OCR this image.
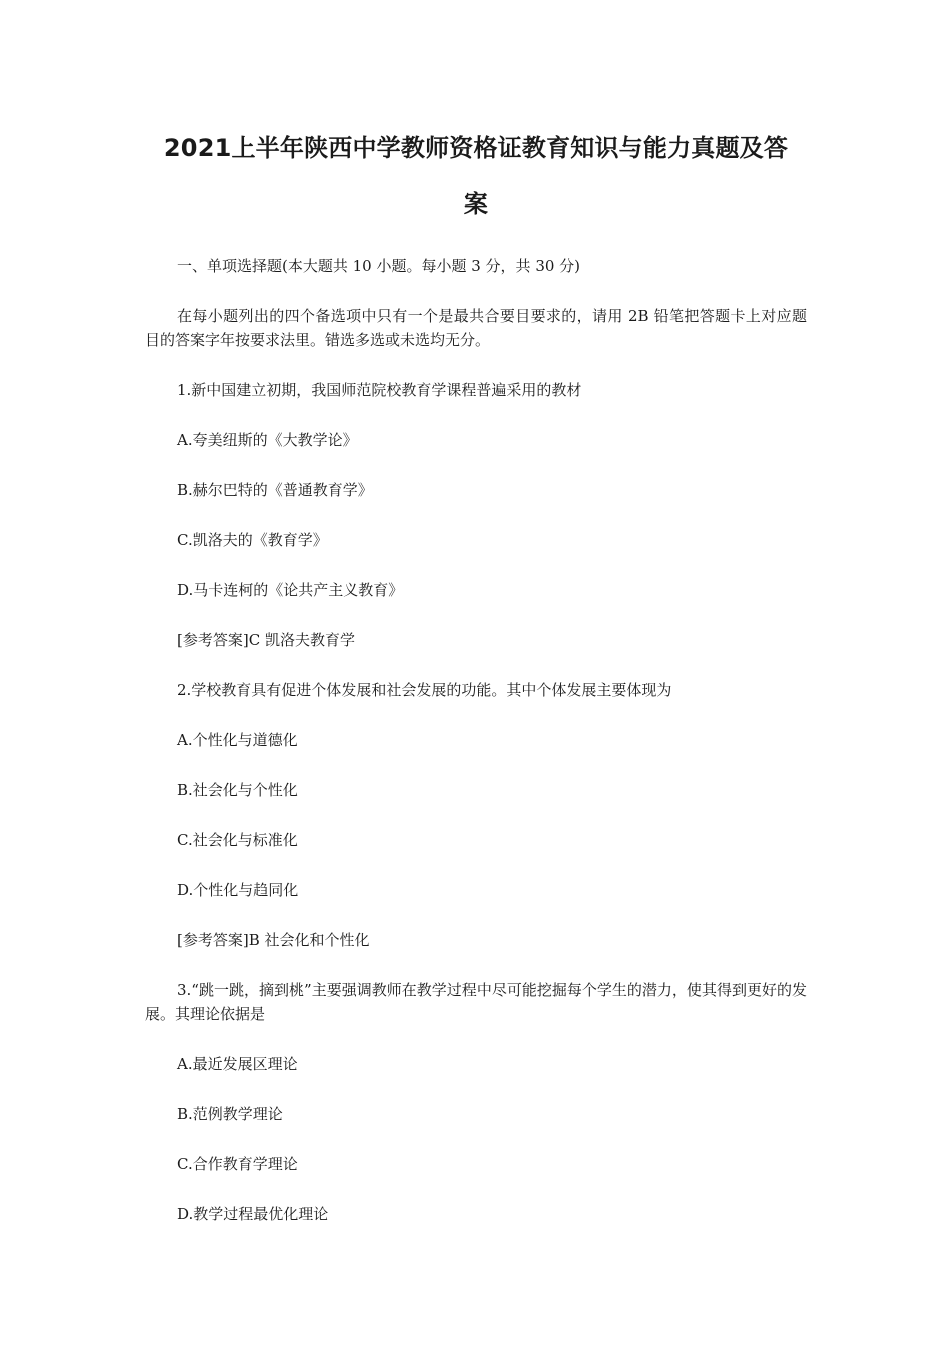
2021上半年陕西中学教师资格证教育知识与能力真题及答
案

一、单项选择题(本大题共 10 小题。每小题 3 分，共 30 分)

在每小题列出的四个备选项中只有一个是最共合要目要求的，请用 2B 铅笔把答题卡上对应题目的答案字年按要求法里。错选多选或未选均无分。

1.新中国建立初期，我国师范院校教育学课程普遍采用的教材

A.夸美纽斯的《大教学论》

B.赫尔巴特的《普通教育学》

C.凯洛夫的《教育学》

D.马卡连柯的《论共产主义教育》

[参考答案]C 凯洛夫教育学

2.学校教育具有促进个体发展和社会发展的功能。其中个体发展主要体现为

A.个性化与道德化

B.社会化与个性化

C.社会化与标准化

D.个性化与趋同化

[参考答案]B 社会化和个性化

3.“跳一跳，摘到桃”主要强调教师在教学过程中尽可能挖掘每个学生的潜力，使其得到更好的发展。其理论依据是

A.最近发展区理论

B.范例教学理论

C.合作教育学理论

D.教学过程最优化理论
